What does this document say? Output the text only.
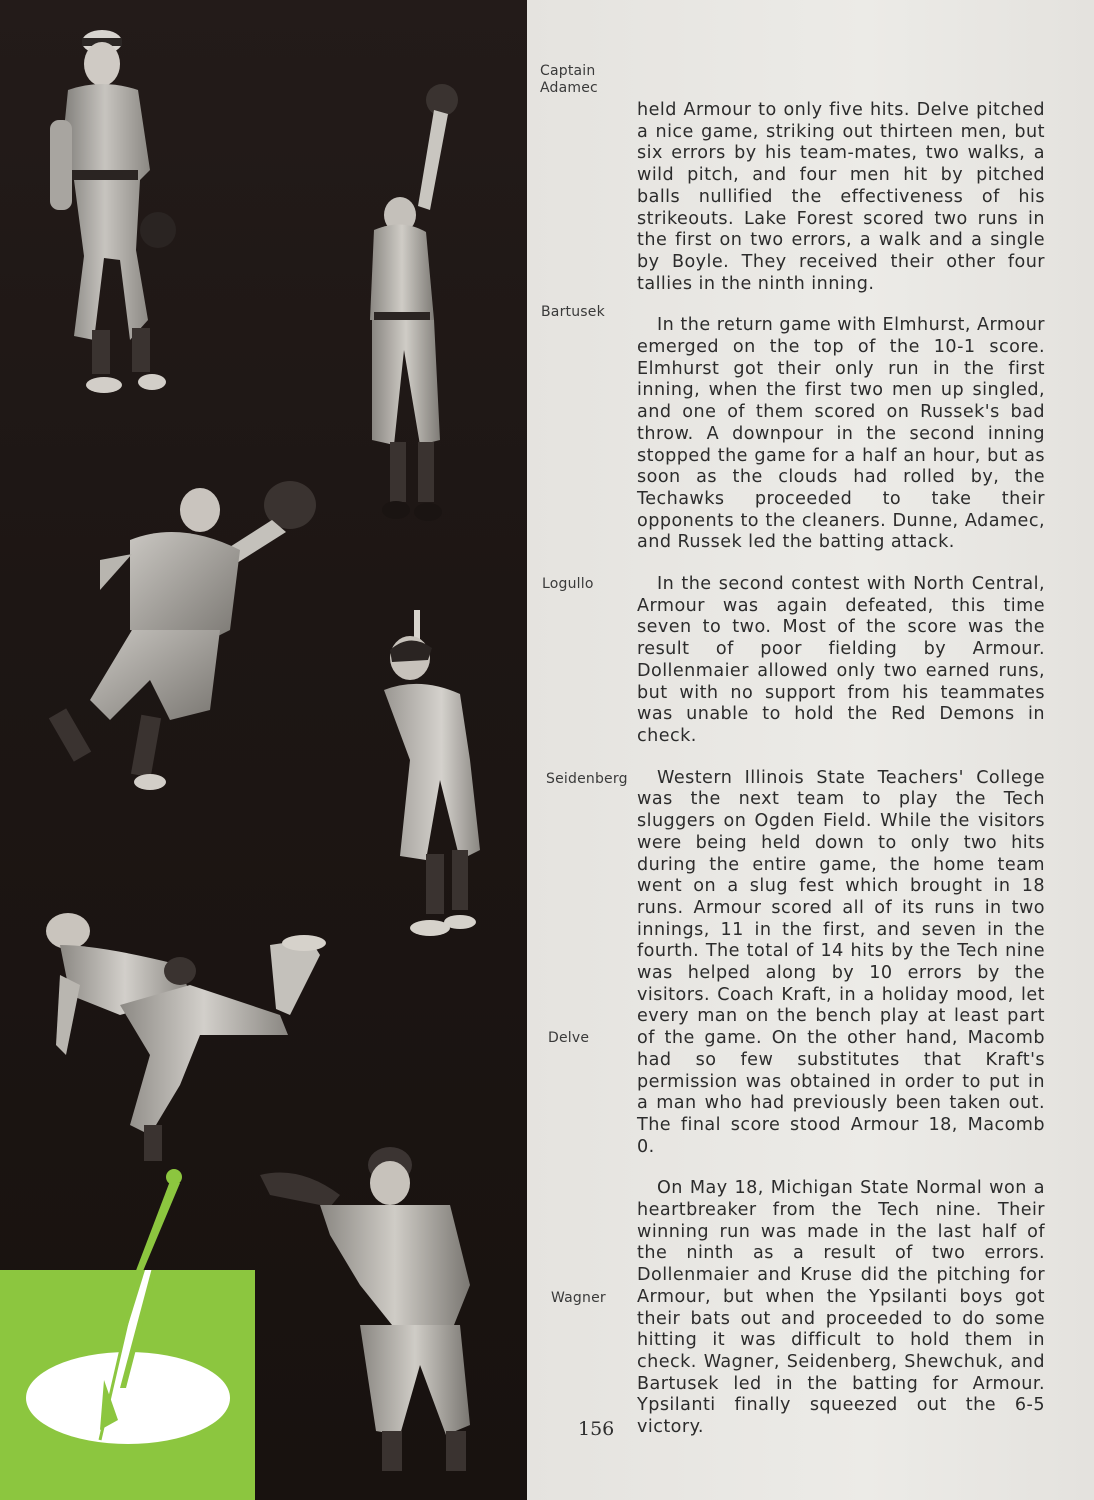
Captain
Adamec
Bartusek
Logullo
Seidenberg
Delve
Wagner

held Armour to only five hits. Delve pitched a nice game, striking out thirteen men, but six errors by his team-mates, two walks, a wild pitch, and four men hit by pitched balls nullified the effectiveness of his strikeouts. Lake Forest scored two runs in the first on two errors, a walk and a single by Boyle. They received their other four tallies in the ninth inning.

In the return game with Elmhurst, Armour emerged on the top of the 10-1 score. Elmhurst got their only run in the first inning, when the first two men up singled, and one of them scored on Russek's bad throw. A downpour in the second inning stopped the game for a half an hour, but as soon as the clouds had rolled by, the Techawks proceeded to take their opponents to the cleaners. Dunne, Adamec, and Russek led the batting attack.

In the second contest with North Central, Armour was again defeated, this time seven to two. Most of the score was the result of poor fielding by Armour. Dollenmaier allowed only two earned runs, but with no support from his teammates was unable to hold the Red Demons in check.

Western Illinois State Teachers' College was the next team to play the Tech sluggers on Ogden Field. While the visitors were being held down to only two hits during the entire game, the home team went on a slug fest which brought in 18 runs. Armour scored all of its runs in two innings, 11 in the first, and seven in the fourth. The total of 14 hits by the Tech nine was helped along by 10 errors by the visitors. Coach Kraft, in a holiday mood, let every man on the bench play at least part of the game. On the other hand, Macomb had so few substitutes that Kraft's permission was obtained in order to put in a man who had previously been taken out. The final score stood Armour 18, Macomb 0.

On May 18, Michigan State Normal won a heartbreaker from the Tech nine. Their winning run was made in the last half of the ninth as a result of two errors. Dollenmaier and Kruse did the pitching for Armour, but when the Ypsilanti boys got their bats out and proceeded to do some hitting it was difficult to hold them in check. Wagner, Seidenberg, Shewchuk, and Bartusek led in the batting for Armour. Ypsilanti finally squeezed out the 6-5 victory.

156
